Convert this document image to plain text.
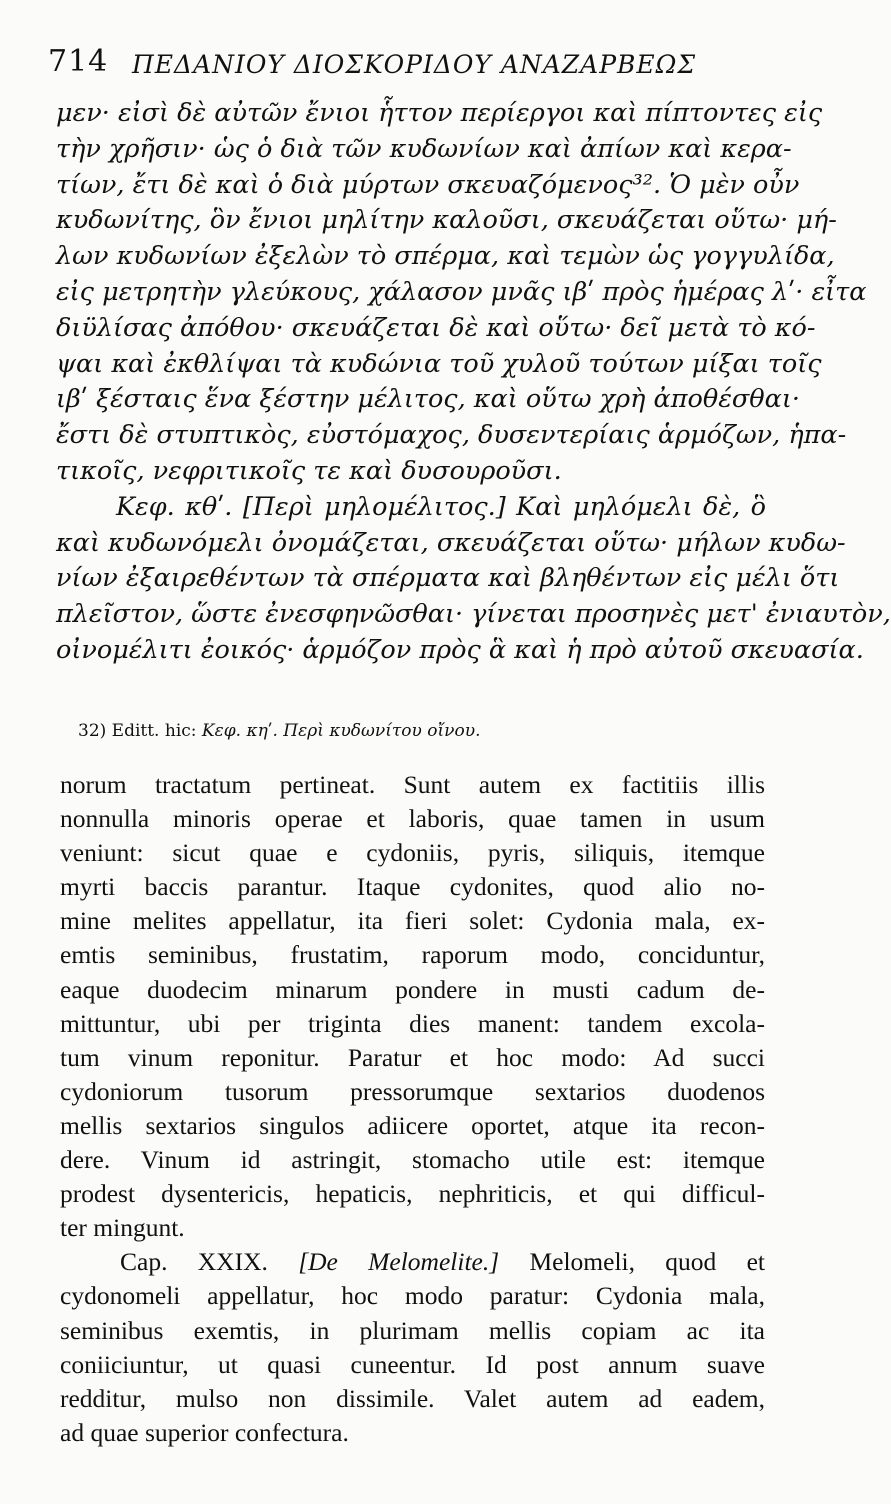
714 ΠΕΔΑΝΙΟΥ ΔΙΟΣΚΟΡΙΔΟΥ ΑΝΑΖΑΡΒΕΩΣ
μεν· εἰσὶ δὲ αὐτῶν ἔνιοι ἧττον περίεργοι καὶ πίπτοντες εἰς
τὴν χρῆσιν· ὡς ὁ διὰ τῶν κυδωνίων καὶ ἀπίων καὶ κερα-
τίων, ἔτι δὲ καὶ ὁ διὰ μύρτων σκευαζόμενος³². Ὁ μὲν οὖν
κυδωνίτης, ὃν ἔνιοι μηλίτην καλοῦσι, σκευάζεται οὕτω· μή-
λων κυδωνίων ἐξελὼν τὸ σπέρμα, καὶ τεμὼν ὡς γογγυλίδα,
εἰς μετρητὴν γλεύκους, χάλασον μνᾶς ιβʹ πρὸς ἡμέρας λʹ· εἶτα
διϋλίσας ἀπόθου· σκευάζεται δὲ καὶ οὕτω· δεῖ μετὰ τὸ κό-
ψαι καὶ ἐκθλίψαι τὰ κυδώνια τοῦ χυλοῦ τούτων μίξαι τοῖς
ιβʹ ξέσταις ἕνα ξέστην μέλιτος, καὶ οὕτω χρὴ ἀποθέσθαι·
ἔστι δὲ στυπτικὸς, εὐστόμαχος, δυσεντερίαις ἁρμόζων, ἡπα-
τικοῖς, νεφριτικοῖς τε καὶ δυσουροῦσι.
Κεφ. κθʹ. [Περὶ μηλομέλιτος.] Καὶ μηλόμελι δὲ, ὃ
καὶ κυδωνόμελι ὀνομάζεται, σκευάζεται οὕτω· μήλων κυδω-
νίων ἐξαιρεθέντων τὰ σπέρματα καὶ βληθέντων εἰς μέλι ὅτι
πλεῖστον, ὥστε ἐνεσφηνῶσθαι· γίνεται προσηνὲς μετ' ἐνιαυτὸν,
οἰνομέλιτι ἐοικός· ἁρμόζον πρὸς ἃ καὶ ἡ πρὸ αὐτοῦ σκευασία.
32) Editt. hic: Κεφ. κηʹ. Περὶ κυδωνίτου οἴνου.
norum tractatum pertineat. Sunt autem ex factitiis illis
nonnulla minoris operae et laboris, quae tamen in usum
veniunt: sicut quae e cydoniis, pyris, siliquis, itemque
myrti baccis parantur. Itaque cydonites, quod alio no-
mine melites appellatur, ita fieri solet: Cydonia mala, ex-
emtis seminibus, frustatim, raporum modo, conciduntur,
eaque duodecim minarum pondere in musti cadum de-
mittuntur, ubi per triginta dies manent: tandem excola-
tum vinum reponitur. Paratur et hoc modo: Ad succi
cydoniorum tusorum pressorumque sextarios duodenos
mellis sextarios singulos adiicere oportet, atque ita recon-
dere. Vinum id astringit, stomacho utile est: itemque
prodest dysentericis, hepaticis, nephriticis, et qui difficul-
ter mingunt.
Cap. XXIX. [De Melomelite.] Melomeli, quod et
cydonomeli appellatur, hoc modo paratur: Cydonia mala,
seminibus exemtis, in plurimam mellis copiam ac ita
coniiciuntur, ut quasi cuneentur. Id post annum suave
redditur, mulso non dissimile. Valet autem ad eadem,
ad quae superior confectura.
